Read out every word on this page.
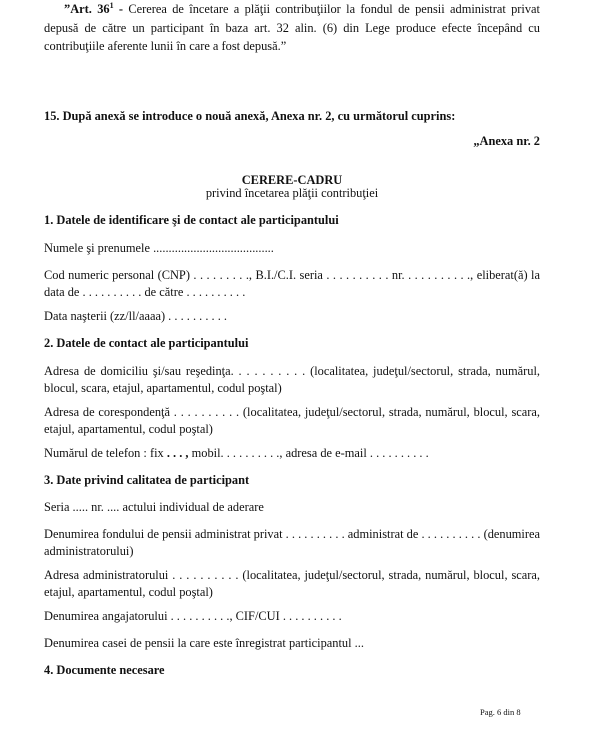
”Art. $36^1$ - Cererea de încetare a plăţii contribuţiilor la fondul de pensii administrat privat depusă de către un participant în baza art. 32 alin. (6) din Lege produce efecte începând cu contribuţiile aferente lunii în care a fost depusă.”

15. După anexă se introduce o nouă anexă, Anexa nr. 2, cu următorul cuprins:

„Anexa nr. 2

CERERE-CADRU

privind încetarea plăţii contribuţiei

1. Datele de identificare şi de contact ale participantului

Numele şi prenumele .......................................

Cod numeric personal (CNP) . . . . . . . . ., B.I./C.I. seria . . . . . . . . . . nr. . . . . . . . . . ., eliberat(ă) la data de . . . . . . . . . . de către . . . . . . . . . .

Data naşterii (zz/ll/aaaa) . . . . . . . . . .

2. Datele de contact ale participantului

Adresa de domiciliu şi/sau reşedinţa. . . . . . . . . . (localitatea, judeţul/sectorul, strada, numărul, blocul, scara, etajul, apartamentul, codul poştal)

Adresa de corespondenţă . . . . . . . . . . (localitatea, judeţul/sectorul, strada, numărul, blocul, scara, etajul, apartamentul, codul poştal)

Numărul de telefon : fix . . . , mobil. . . . . . . . . ., adresa de e-mail . . . . . . . . . .

3. Date privind calitatea de participant

Seria ..... nr. .... actului individual de aderare

Denumirea fondului de pensii administrat privat . . . . . . . . . . administrat de . . . . . . . . . . (denumirea administratorului)

Adresa administratorului . . . . . . . . . . (localitatea, judeţul/sectorul, strada, numărul, blocul, scara, etajul, apartamentul, codul poştal)

Denumirea angajatorului . . . . . . . . . ., CIF/CUI . . . . . . . . . .

Denumirea casei de pensii la care este înregistrat participantul ...

4. Documente necesare

Pag. 6 din 8
